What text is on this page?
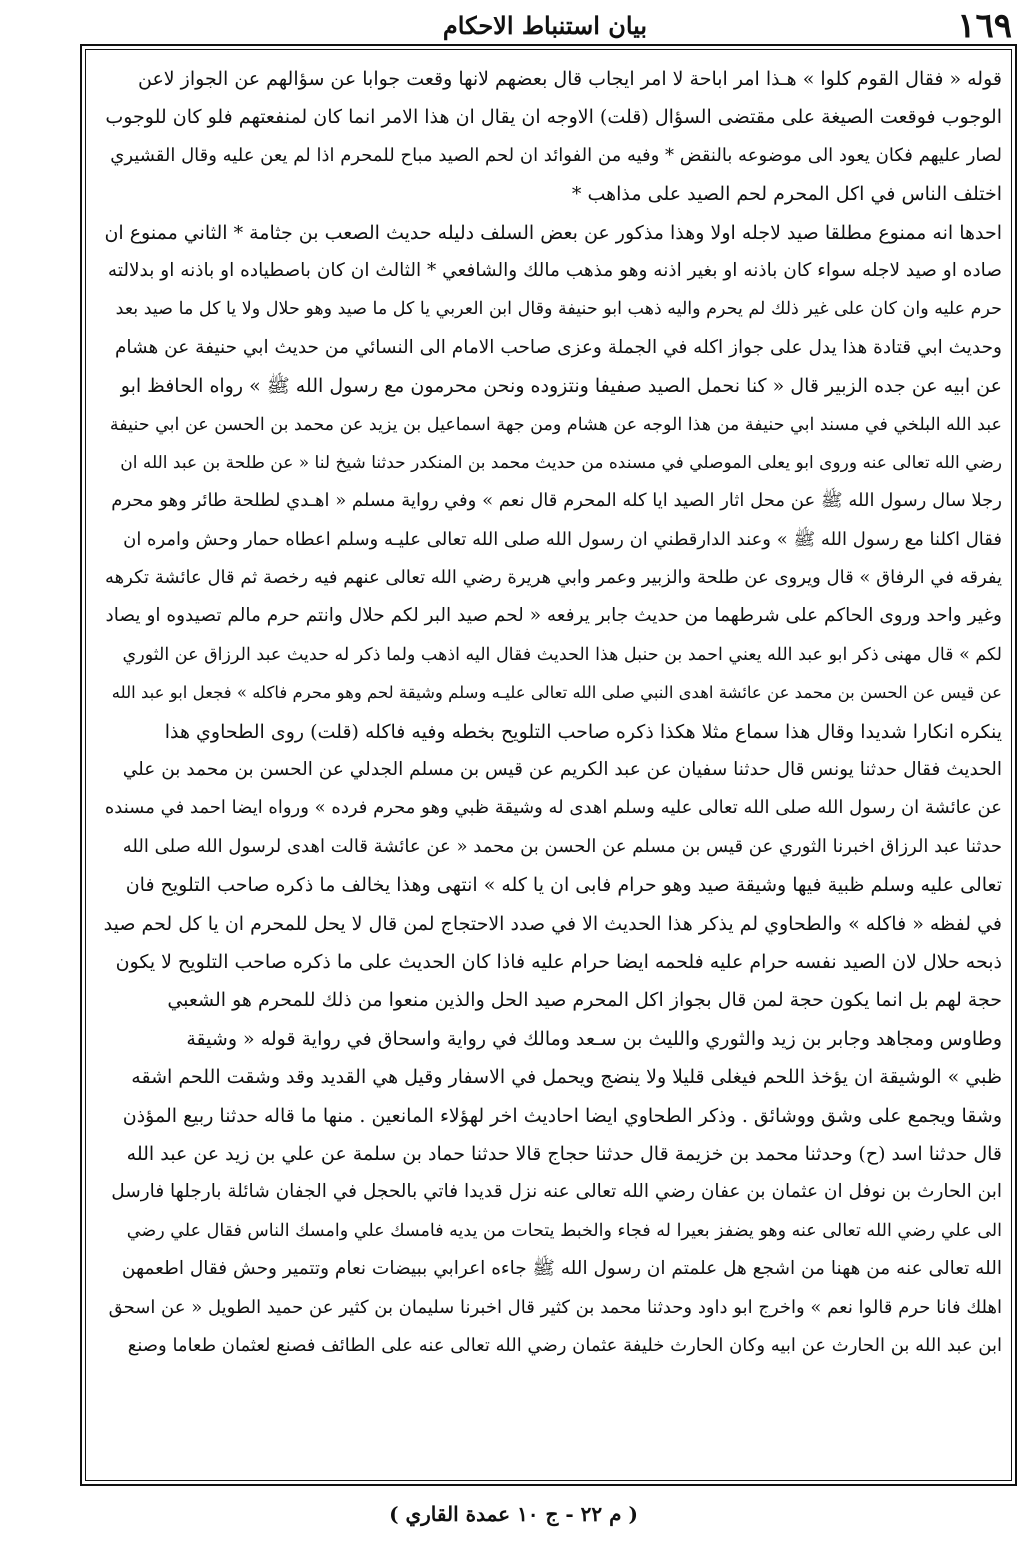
١٦٩
بيان استنباط الاحكام
قوله « فقال القوم كلوا » هـذا امر اباحة لا امر ايجاب قال بعضهم لانها وقعت جوابا عن سؤالهم عن الجواز لاعن
الوجوب فوقعت الصيغة على مقتضى السؤال (قلت) الاوجه ان يقال ان هذا الامر انما كان لمنفعتهم فلو كان للوجوب
لصار عليهم فكان يعود الى موضوعه بالنقض * وفيه من الفوائد ان لحم الصيد مباح للمحرم اذا لم يعن عليه وقال القشيري
اختلف الناس في اكل المحرم لحم الصيد على مذاهب *
احدها انه ممنوع مطلقا صيد لاجله اولا وهذا مذكور عن بعض السلف دليله حديث الصعب بن جثامة * الثاني ممنوع ان
صاده او صيد لاجله سواء كان باذنه او بغير اذنه وهو مذهب مالك والشافعي * الثالث ان كان باصطياده او باذنه او بدلالته
حرم عليه وان كان على غير ذلك لم يحرم واليه ذهب ابو حنيفة وقال ابن العربي يا كل ما صيد وهو حلال ولا يا كل ما صيد بعد
وحديث ابي قتادة هذا يدل على جواز اكله في الجملة وعزى صاحب الامام الى النسائي من حديث ابي حنيفة عن هشام
عن ابيه عن جده الزبير قال « كنا نحمل الصيد صفيفا ونتزوده ونحن محرمون مع رسول الله ﷺ » رواه الحافظ ابو
عبد الله البلخي في مسند ابي حنيفة من هذا الوجه عن هشام ومن جهة اسماعيل بن يزيد عن محمد بن الحسن عن ابي حنيفة
رضي الله تعالى عنه وروى ابو يعلى الموصلي في مسنده من حديث محمد بن المنكدر حدثنا شيخ لنا « عن طلحة بن عبد الله ان
رجلا سال رسول الله ﷺ عن محل اثار الصيد ايا كله المحرم قال نعم » وفي رواية مسلم « اهـدي لطلحة طائر وهو محرم
فقال اكلنا مع رسول الله ﷺ » وعند الدارقطني ان رسول الله صلى الله تعالى عليـه وسلم اعطاه حمار وحش وامره ان
يفرقه في الرفاق » قال ويروى عن طلحة والزبير وعمر وابي هريرة رضي الله تعالى عنهم فيه رخصة ثم قال عائشة تكرهه
وغير واحد وروى الحاكم على شرطهما من حديث جابر يرفعه « لحم صيد البر لكم حلال وانتم حرم مالم تصيدوه او يصاد
لكم » قال مهنى ذكر ابو عبد الله يعني احمد بن حنبل هذا الحديث فقال اليه اذهب ولما ذكر له حديث عبد الرزاق عن الثوري
عن قيس عن الحسن بن محمد عن عائشة اهدى النبي صلى الله تعالى عليـه وسلم وشيقة لحم وهو محرم فاكله » فجعل ابو عبد الله
ينكره انكارا شديدا وقال هذا سماع مثلا هكذا ذكره صاحب التلويح بخطه وفيه فاكله (قلت) روى الطحاوي هذا
الحديث فقال حدثنا يونس قال حدثنا سفيان عن عبد الكريم عن قيس بن مسلم الجدلي عن الحسن بن محمد بن علي
عن عائشة ان رسول الله صلى الله تعالى عليه وسلم اهدى له وشيقة ظبي وهو محرم فرده » ورواه ايضا احمد في مسنده
حدثنا عبد الرزاق اخبرنا الثوري عن قيس بن مسلم عن الحسن بن محمد « عن عائشة قالت اهدى لرسول الله صلى الله
تعالى عليه وسلم ظبية فيها وشيقة صيد وهو حرام فابى ان يا كله » انتهى وهذا يخالف ما ذكره صاحب التلويح فان
في لفظه « فاكله » والطحاوي لم يذكر هذا الحديث الا في صدد الاحتجاج لمن قال لا يحل للمحرم ان يا كل لحم صيد
ذبحه حلال لان الصيد نفسه حرام عليه فلحمه ايضا حرام عليه فاذا كان الحديث على ما ذكره صاحب التلويح لا يكون
حجة لهم بل انما يكون حجة لمن قال بجواز اكل المحرم صيد الحل والذين منعوا من ذلك للمحرم هو الشعبي
وطاوس ومجاهد وجابر بن زيد والثوري والليث بن سـعد ومالك في رواية واسحاق في رواية قوله « وشيقة
ظبي » الوشيقة ان يؤخذ اللحم فيغلى قليلا ولا ينضج ويحمل في الاسفار وقيل هي القديد وقد وشقت اللحم اشقه
وشقا ويجمع على وشق ووشائق . وذكر الطحاوي ايضا احاديث اخر لهؤلاء المانعين . منها ما قاله حدثنا ربيع المؤذن
قال حدثنا اسد (ح) وحدثنا محمد بن خزيمة قال حدثنا حجاج قالا حدثنا حماد بن سلمة عن علي بن زيد عن عبد الله
ابن الحارث بن نوفل ان عثمان بن عفان رضي الله تعالى عنه نزل قديدا فاتي بالحجل في الجفان شائلة بارجلها فارسل
الى علي رضي الله تعالى عنه وهو يضفز بعيرا له فجاء والخبط يتحات من يديه فامسك علي وامسك الناس فقال علي رضي
الله تعالى عنه من ههنا من اشجع هل علمتم ان رسول الله ﷺ جاءه اعرابي ببيضات نعام وتتمير وحش فقال اطعمهن
اهلك فانا حرم قالوا نعم » واخرج ابو داود وحدثنا محمد بن كثير قال اخبرنا سليمان بن كثير عن حميد الطويل « عن اسحق
ابن عبد الله بن الحارث عن ابيه وكان الحارث خليفة عثمان رضي الله تعالى عنه على الطائف فصنع لعثمان طعاما وصنع
( م ٢٢ - ج ١٠ عمدة القاري )
